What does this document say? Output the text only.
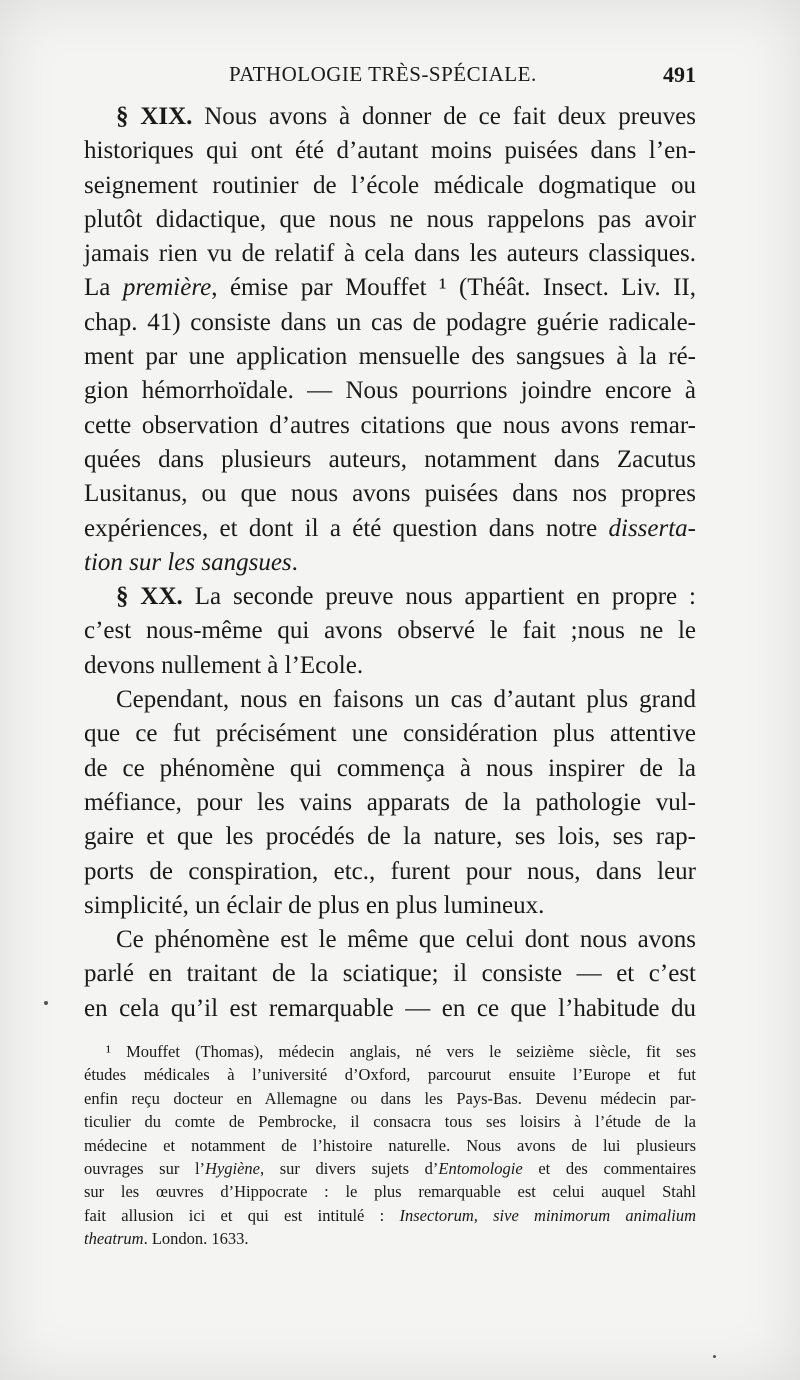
PATHOLOGIE TRÈS-SPÉCIALE.	491
§ XIX. Nous avons à donner de ce fait deux preuves
historiques qui ont été d’autant moins puisées dans l’en-
seignement routinier de l’école médicale dogmatique ou
plutôt didactique, que nous ne nous rappelons pas avoir
jamais rien vu de relatif à cela dans les auteurs classiques.
La première, émise par Mouffet ¹ (Théât. Insect. Liv. II,
chap. 41) consiste dans un cas de podagre guérie radicale-
ment par une application mensuelle des sangsues à la ré-
gion hémorrhoïdale. — Nous pourrions joindre encore à
cette observation d’autres citations que nous avons remar-
quées dans plusieurs auteurs, notamment dans Zacutus
Lusitanus, ou que nous avons puisées dans nos propres
expériences, et dont il a été question dans notre disserta-
tion sur les sangsues.
§ XX. La seconde preuve nous appartient en propre :
c’est nous-même qui avons observé le fait ;nous ne le
devons nullement à l’Ecole.
Cependant, nous en faisons un cas d’autant plus grand
que ce fut précisément une considération plus attentive
de ce phénomène qui commença à nous inspirer de la
méfiance, pour les vains apparats de la pathologie vul-
gaire et que les procédés de la nature, ses lois, ses rap-
ports de conspiration, etc., furent pour nous, dans leur
simplicité, un éclair de plus en plus lumineux.
Ce phénomène est le même que celui dont nous avons
parlé en traitant de la sciatique; il consiste — et c’est
en cela qu’il est remarquable — en ce que l’habitude du
¹ Mouffet (Thomas), médecin anglais, né vers le seizième siècle, fit ses
études médicales à l’université d’Oxford, parcourut ensuite l’Europe et fut
enfin reçu docteur en Allemagne ou dans les Pays-Bas. Devenu médecin par-
ticulier du comte de Pembrocke, il consacra tous ses loisirs à l’étude de la
médecine et notamment de l’histoire naturelle. Nous avons de lui plusieurs
ouvrages sur l’Hygiène, sur divers sujets d’Entomologie et des commentaires
sur les œuvres d’Hippocrate : le plus remarquable est celui auquel Stahl
fait allusion ici et qui est intitulé : Insectorum, sive minimorum animalium
theatrum. London. 1633.
